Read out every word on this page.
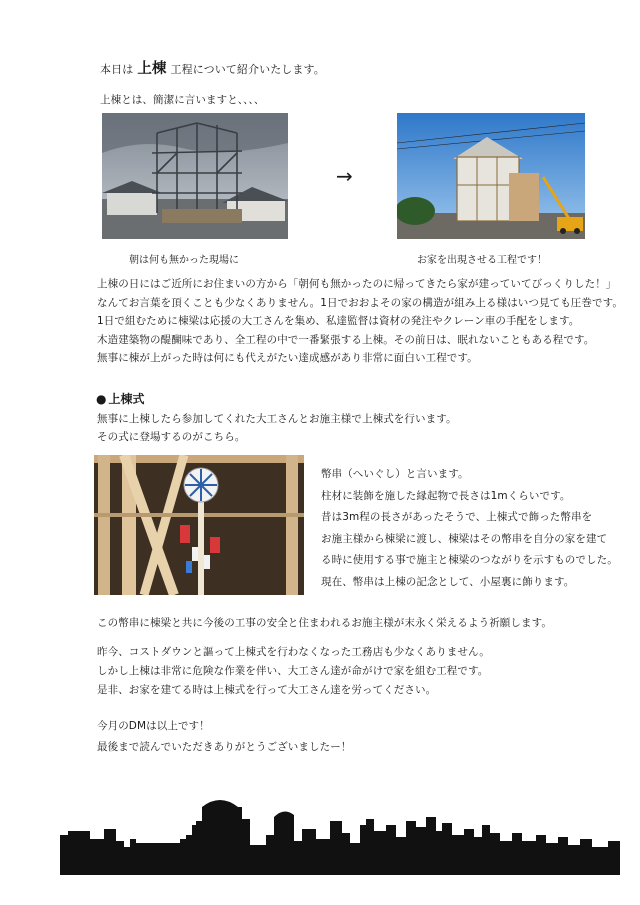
本日は 上棟 工程について紹介いたします。
上棟とは、簡潔に言いますと、、、、
→
朝は何も無かった現場に	お家を出現させる工程です！
上棟の日にはご近所にお住まいの方から「朝何も無かったのに帰ってきたら家が建っていてびっくりした！」
なんてお言葉を頂くことも少なくありません。1日でおおよその家の構造が組み上る様はいつ見ても圧巻です。
1日で組むために棟梁は応援の大工さんを集め、私達監督は資材の発注やクレーン車の手配をします。
木造建築物の醍醐味であり、全工程の中で一番緊張する上棟。その前日は、眠れないこともある程です。
無事に棟が上がった時は何にも代えがたい達成感があり非常に面白い工程です。
● 上棟式
無事に上棟したら参加してくれた大工さんとお施主様で上棟式を行います。
その式に登場するのがこちら。
幣串（へいぐし）と言います。
柱材に装飾を施した縁起物で長さは1mくらいです。
昔は3m程の長さがあったそうで、上棟式で飾った幣串を
お施主様から棟梁に渡し、棟梁はその幣串を自分の家を建て
る時に使用する事で施主と棟梁のつながりを示すものでした。
現在、幣串は上棟の記念として、小屋裏に飾ります。
この幣串に棟梁と共に今後の工事の安全と住まわれるお施主様が末永く栄えるよう祈願します。
昨今、コストダウンと謳って上棟式を行わなくなった工務店も少なくありません。
しかし上棟は非常に危険な作業を伴い、大工さん達が命がけで家を組む工程です。
是非、お家を建てる時は上棟式を行って大工さん達を労ってください。
今月のDMは以上です！
最後まで読んでいただきありがとうございましたー！
